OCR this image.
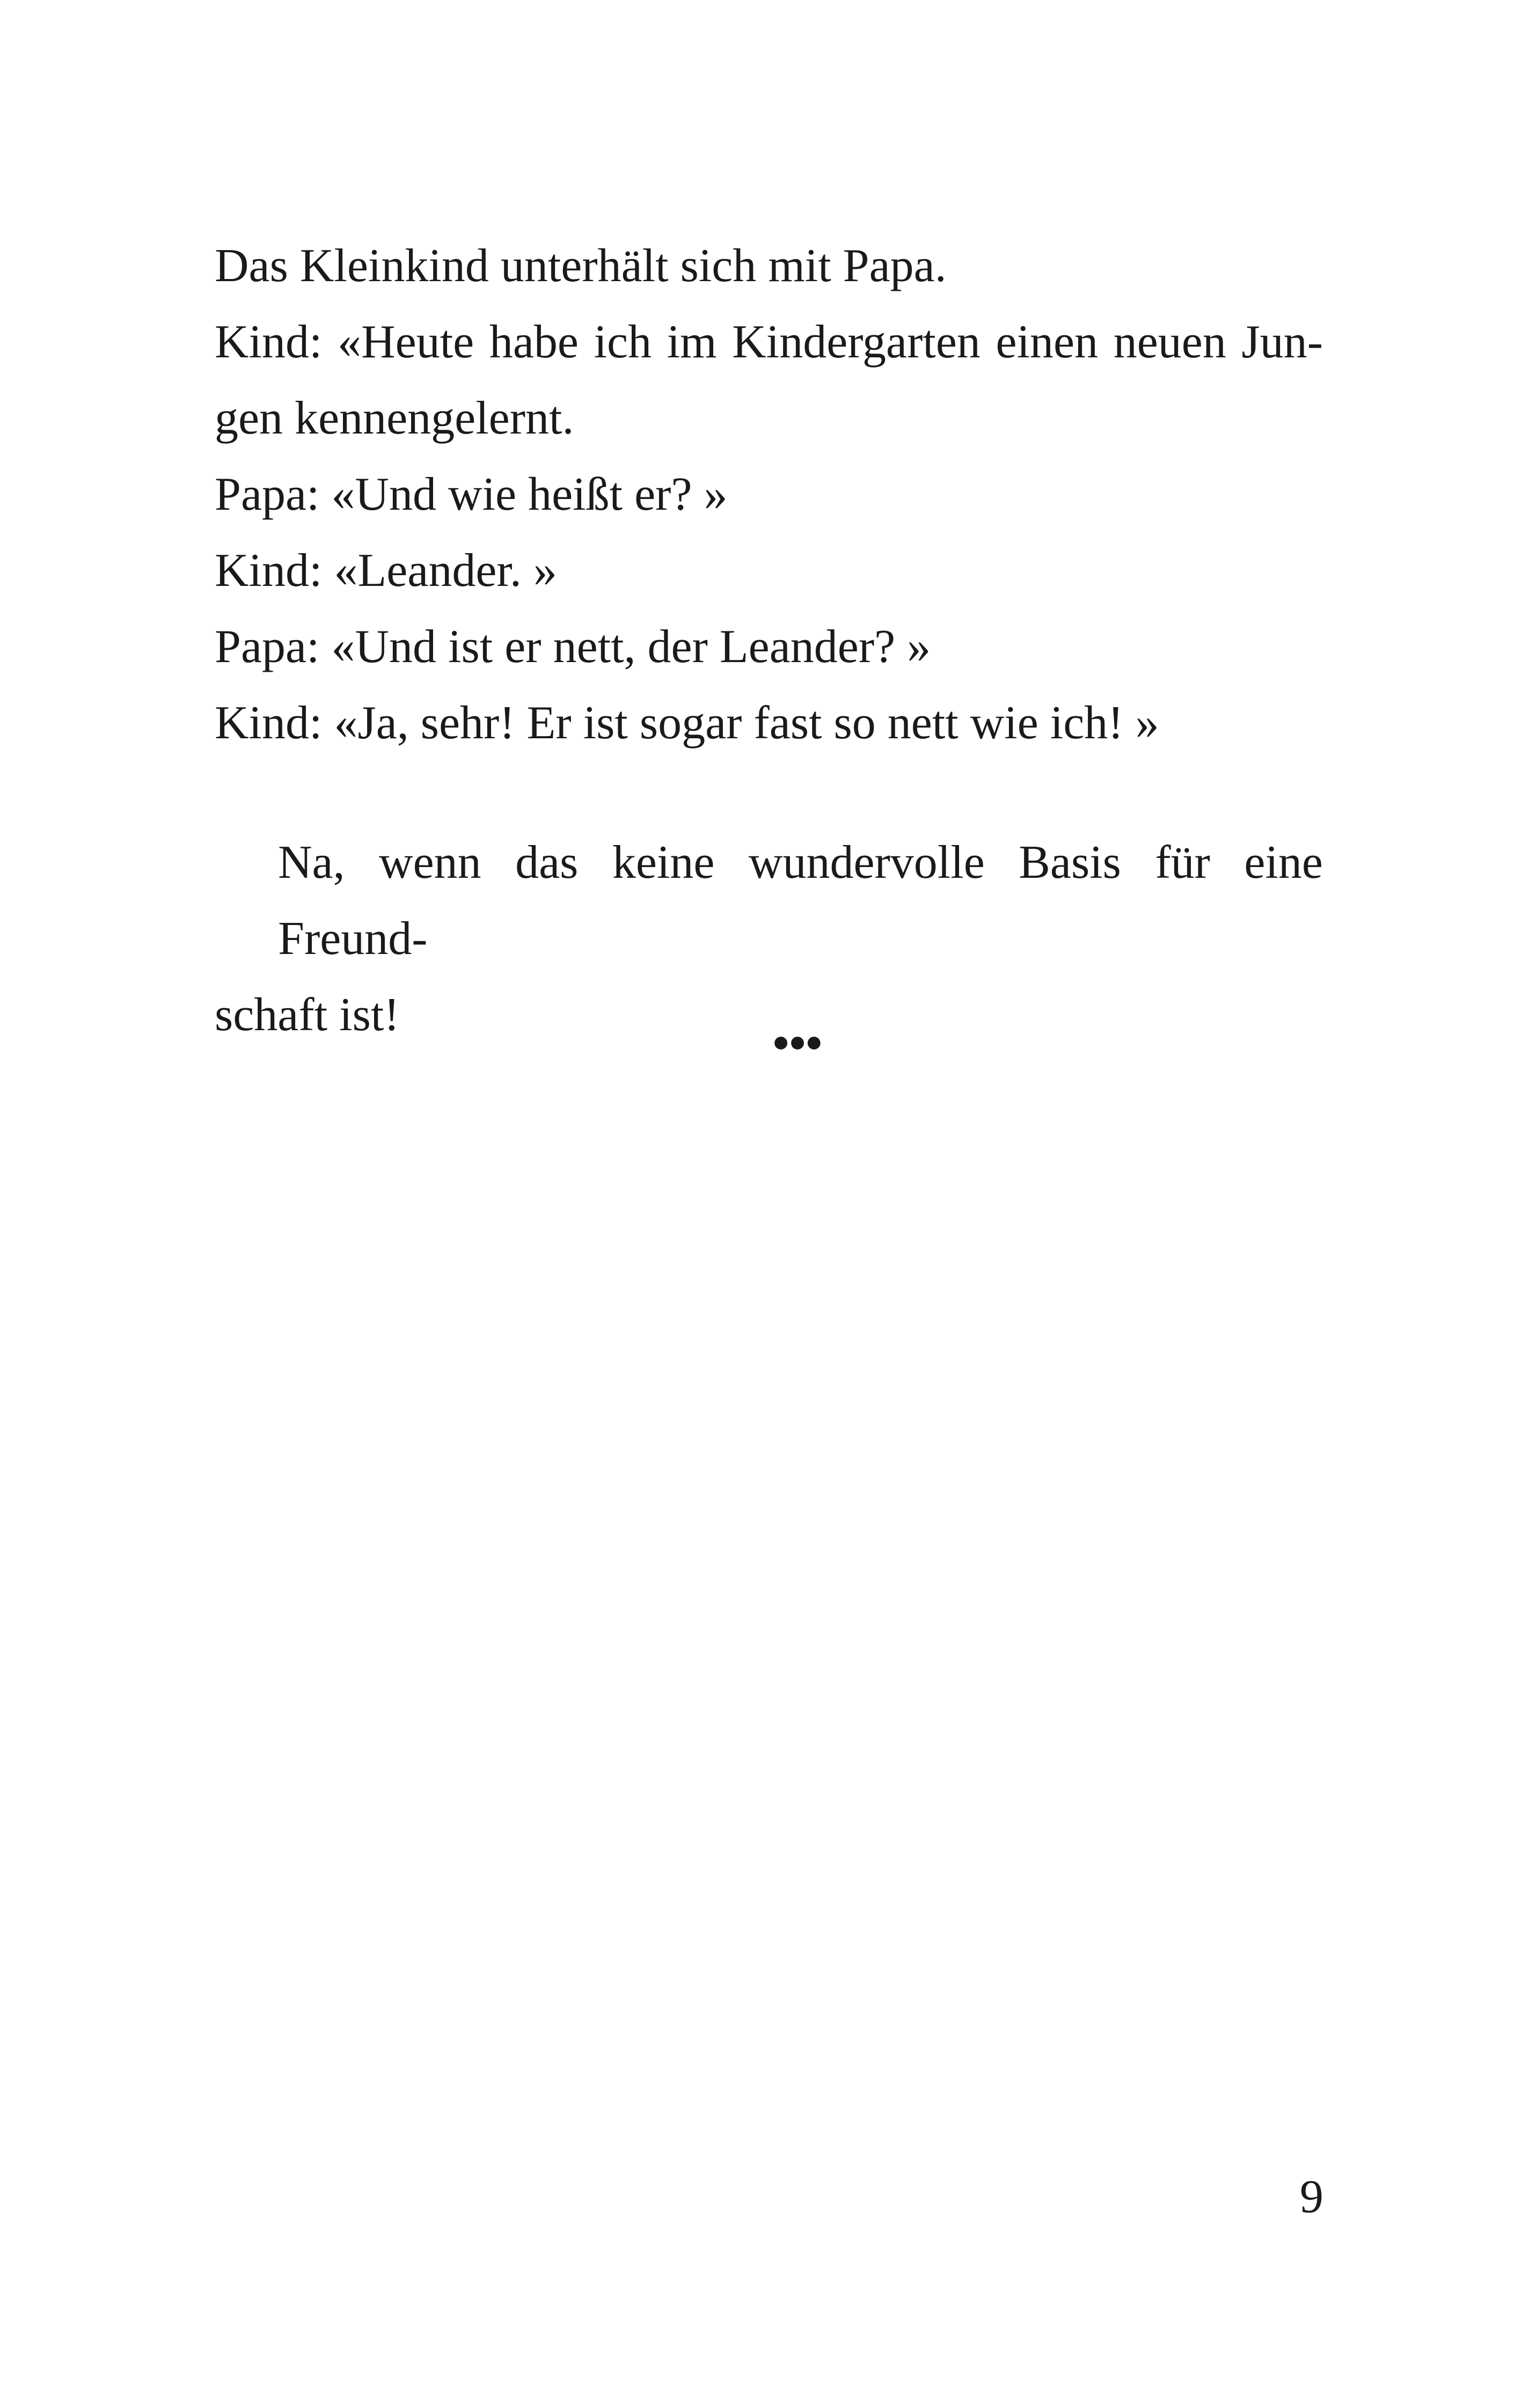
Das Kleinkind unterhält sich mit Papa.
Kind: «Heute habe ich im Kindergarten einen neuen Jun-
gen kennengelernt.
Papa: «Und wie heißt er? »
Kind: «Leander. »
Papa: «Und ist er nett, der Leander? »
Kind: «Ja, sehr! Er ist sogar fast so nett wie ich! »
Na, wenn das keine wundervolle Basis für eine Freund-
schaft ist!
•••
9
